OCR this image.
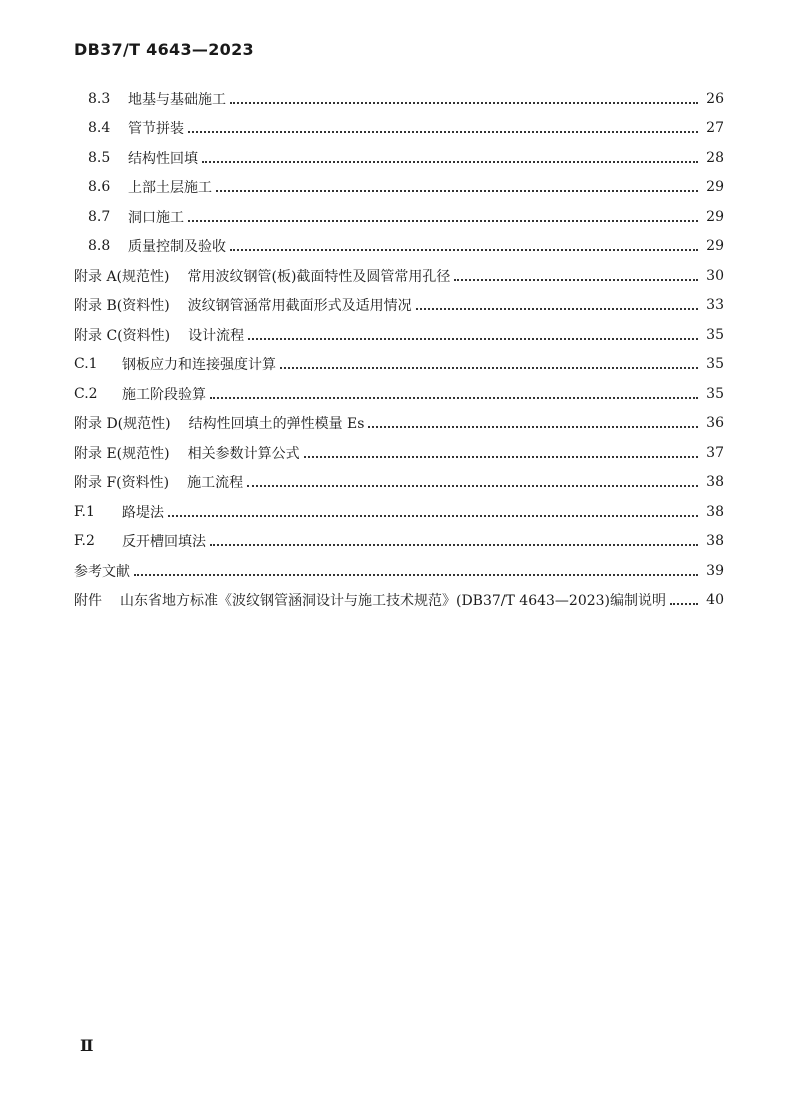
DB37/T 4643—2023
8.3	地基与基础施工	26
8.4	管节拼装	27
8.5	结构性回填	28
8.6	上部土层施工	29
8.7	洞口施工	29
8.8	质量控制及验收	29
附录 A(规范性) 常用波纹钢管(板)截面特性及圆管常用孔径	30
附录 B(资料性) 波纹钢管涵常用截面形式及适用情况	33
附录 C(资料性) 设计流程	35
C.1	钢板应力和连接强度计算	35
C.2	施工阶段验算	35
附录 D(规范性) 结构性回填土的弹性模量 Es	36
附录 E(规范性) 相关参数计算公式	37
附录 F(资料性) 施工流程	38
F.1	路堤法	38
F.2	反开槽回填法	38
参考文献	39
附件 山东省地方标准《波纹钢管涵洞设计与施工技术规范》(DB37/T 4643—2023)编制说明	40
Ⅱ
